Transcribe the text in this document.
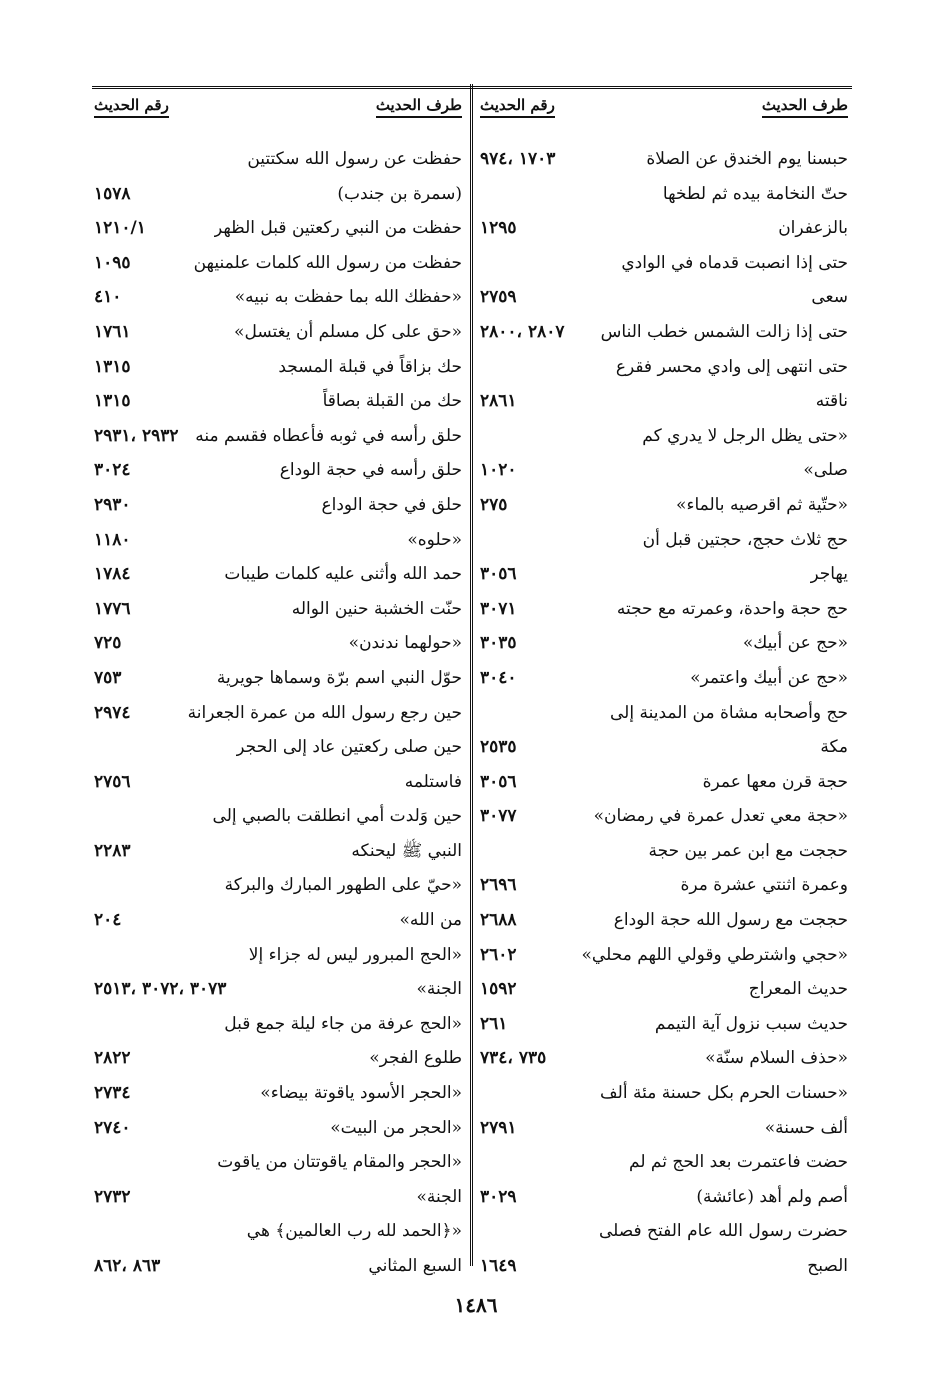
طرف الحديث
رقم الحديث
حبسنا يوم الخندق عن الصلاة
١٧٠٣ ،٩٧٤
حتّ النخامة بيده ثم لطخها
بالزعفران
١٢٩٥
حتى إذا انصبت قدماه في الوادي
سعى
٢٧٥٩
حتى إذا زالت الشمس خطب الناس
٢٨٠٧ ،٢٨٠٠
حتى انتهى إلى وادي محسر فقرع
ناقته
٢٨٦١
«حتى يظل الرجل لا يدري كم
صلى»
١٠٢٠
«حتّية ثم اقرصيه بالماء»
٢٧٥
حج ثلاث حجج، حجتين قبل أن
يهاجر
٣٠٥٦
حج حجة واحدة، وعمرته مع حجته
٣٠٧١
«حج عن أبيك»
٣٠٣٥
«حج عن أبيك واعتمر»
٣٠٤٠
حج وأصحابه مشاة من المدينة إلى
مكة
٢٥٣٥
حجة قرن معها عمرة
٣٠٥٦
«حجة معي تعدل عمرة في رمضان»
٣٠٧٧
حججت مع ابن عمر بين حجة
وعمرة اثنتي عشرة مرة
٢٦٩٦
حججت مع رسول الله حجة الوداع
٢٦٨٨
«حجي واشترطي وقولي اللهم محلي»
٢٦٠٢
حديث المعراج
١٥٩٢
حديث سبب نزول آية التيمم
٢٦١
«حذف السلام سنّة»
٧٣٥ ،٧٣٤
«حسنات الحرم بكل حسنة مئة ألف
ألف حسنة»
٢٧٩١
حضت فاعتمرت بعد الحج ثم لم
أصم ولم أهد (عائشة)
٣٠٢٩
حضرت رسول الله عام الفتح فصلى
الصبح
١٦٤٩
طرف الحديث
رقم الحديث
حفظت عن رسول الله سكتتين
(سمرة بن جندب)
١٥٧٨
حفظت من النبي ركعتين قبل الظهر
١٢١٠/١
حفظت من رسول الله كلمات علمنيهن
١٠٩٥
«حفظك الله بما حفظت به نبيه»
٤١٠
«حق على كل مسلم أن يغتسل»
١٧٦١
حك بزاقاً في قبلة المسجد
١٣١٥
حك من القبلة بصاقاً
١٣١٥
حلق رأسه في ثوبه فأعطاه فقسم منه
٢٩٣٢ ،٢٩٣١
حلق رأسه في حجة الوداع
٣٠٢٤
حلق في حجة الوداع
٢٩٣٠
«حلوه»
١١٨٠
حمد الله وأثنى عليه كلمات طيبات
١٧٨٤
حنّت الخشبة حنين الواله
١٧٧٦
«حولهما ندندن»
٧٢٥
حوّل النبي اسم برّة وسماها جويرية
٧٥٣
حين رجع رسول الله من عمرة الجعرانة
٢٩٧٤
حين صلى ركعتين عاد إلى الحجر
فاستلمه
٢٧٥٦
حين وَلدت أمي انطلقت بالصبي إلى
النبي ﷺ ليحنكه
٢٢٨٣
«حيّ على الطهور المبارك والبركة
من الله»
٢٠٤
«الحج المبرور ليس له جزاء إلا
الجنة»
٣٠٧٣ ،٣٠٧٢ ،٢٥١٣
«الحج عرفة من جاء ليلة جمع قبل
طلوع الفجر»
٢٨٢٢
«الحجر الأسود ياقوتة بيضاء»
٢٧٣٤
«الحجر من البيت»
٢٧٤٠
«الحجر والمقام ياقوتتان من ياقوت
الجنة»
٢٧٣٢
«﴿الحمد لله رب العالمين﴾ هي
السبع المثاني
٨٦٣ ،٨٦٢
١٤٨٦
